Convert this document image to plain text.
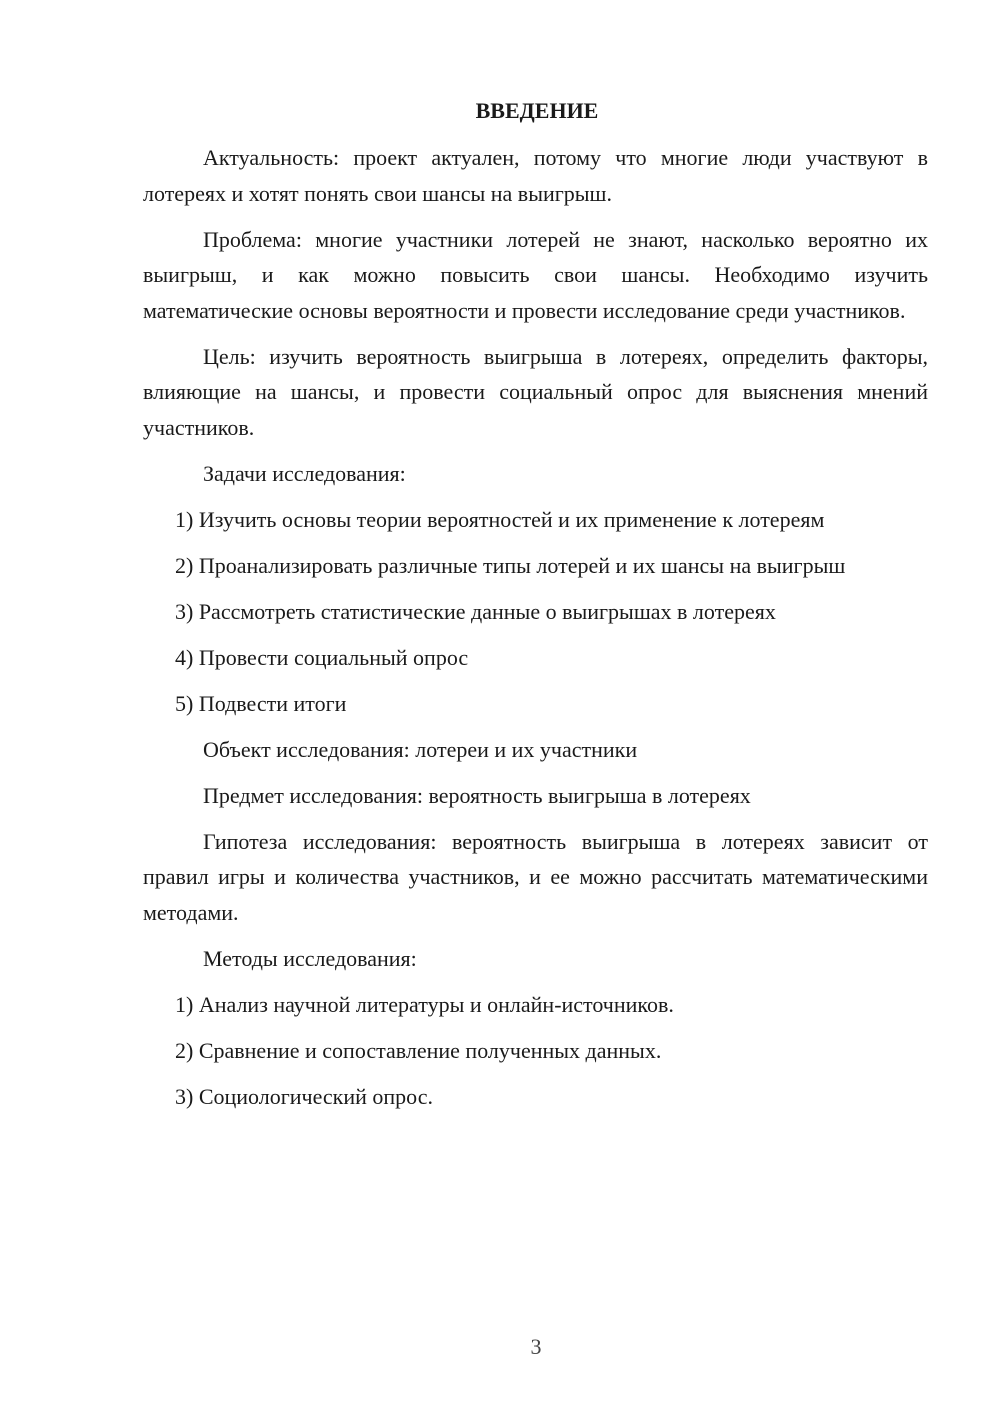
ВВЕДЕНИЕ
Актуальность: проект актуален, потому что многие люди участвуют в лотереях и хотят понять свои шансы на выигрыш.
Проблема: многие участники лотерей не знают, насколько вероятно их выигрыш, и как можно повысить свои шансы. Необходимо изучить математические основы вероятности и провести исследование среди участников.
Цель: изучить вероятность выигрыша в лотереях, определить факторы, влияющие на шансы, и провести социальный опрос для выяснения мнений участников.
Задачи исследования:
1) Изучить основы теории вероятностей и их применение к лотереям
2) Проанализировать различные типы лотерей и их шансы на выигрыш
3) Рассмотреть статистические данные о выигрышах в лотереях
4) Провести социальный опрос
5) Подвести итоги
Объект исследования: лотереи и их участники
Предмет исследования: вероятность выигрыша в лотереях
Гипотеза исследования: вероятность выигрыша в лотереях зависит от правил игры и количества участников, и ее можно рассчитать математическими методами.
Методы исследования:
1) Анализ научной литературы и онлайн-источников.
2) Сравнение и сопоставление полученных данных.
3) Социологический опрос.
3
